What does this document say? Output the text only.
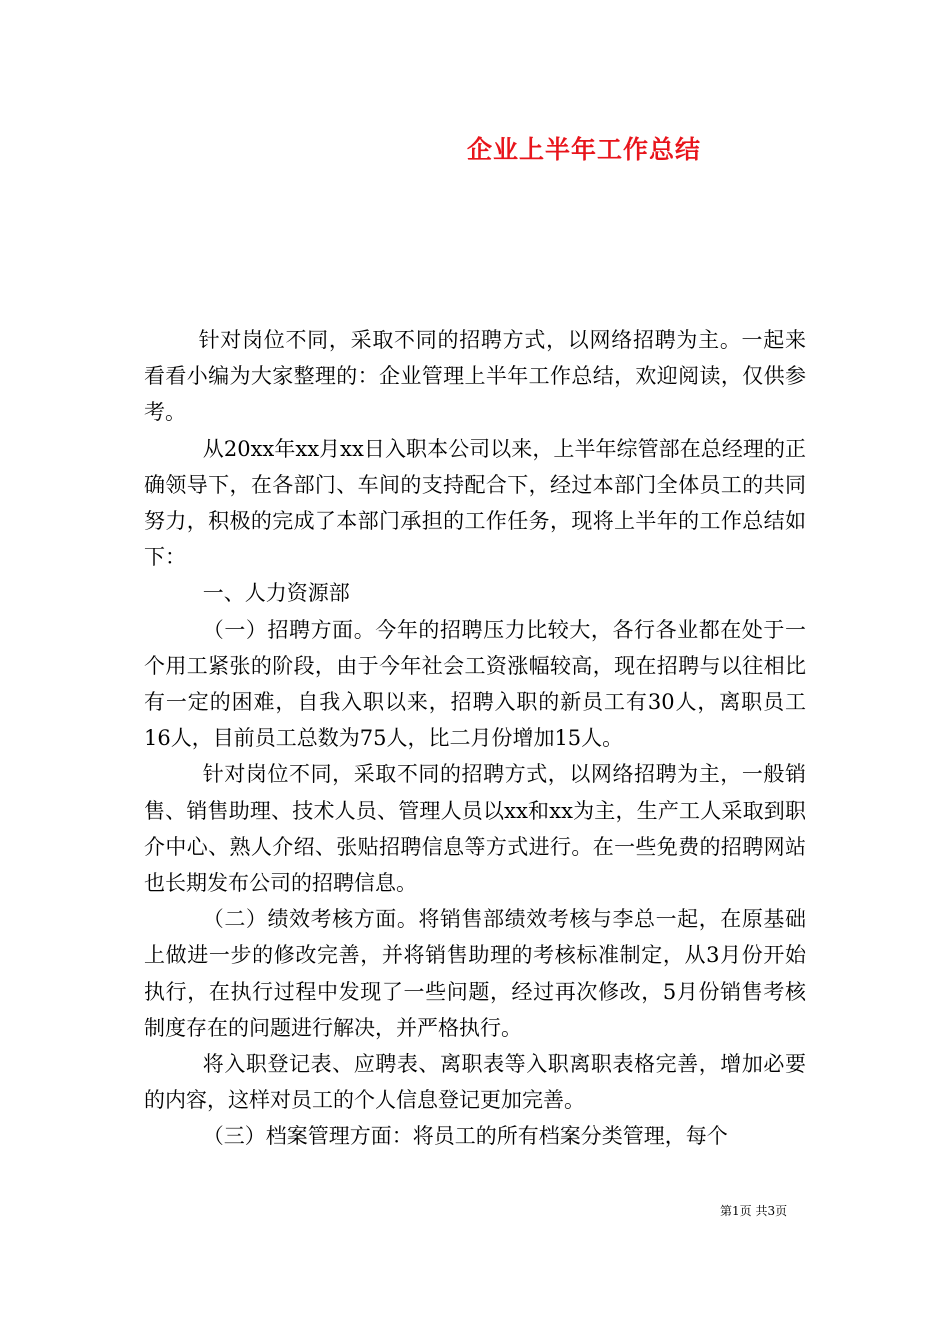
企业上半年工作总结

针对岗位不同，采取不同的招聘方式，以网络招聘为主。一起来看看小编为大家整理的：企业管理上半年工作总结，欢迎阅读，仅供参考。

从20xx年xx月xx日入职本公司以来，上半年综管部在总经理的正确领导下，在各部门、车间的支持配合下，经过本部门全体员工的共同努力，积极的完成了本部门承担的工作任务，现将上半年的工作总结如下：

一、人力资源部

（一）招聘方面。今年的招聘压力比较大，各行各业都在处于一个用工紧张的阶段，由于今年社会工资涨幅较高，现在招聘与以往相比有一定的困难，自我入职以来，招聘入职的新员工有30人，离职员工16人，目前员工总数为75人，比二月份增加15人。

针对岗位不同，采取不同的招聘方式，以网络招聘为主，一般销售、销售助理、技术人员、管理人员以xx和xx为主，生产工人采取到职介中心、熟人介绍、张贴招聘信息等方式进行。在一些免费的招聘网站也长期发布公司的招聘信息。

（二）绩效考核方面。将销售部绩效考核与李总一起，在原基础上做进一步的修改完善，并将销售助理的考核标准制定，从3月份开始执行，在执行过程中发现了一些问题，经过再次修改，5月份销售考核制度存在的问题进行解决，并严格执行。

将入职登记表、应聘表、离职表等入职离职表格完善，增加必要的内容，这样对员工的个人信息登记更加完善。

（三）档案管理方面：将员工的所有档案分类管理，每个

第1页 共3页
